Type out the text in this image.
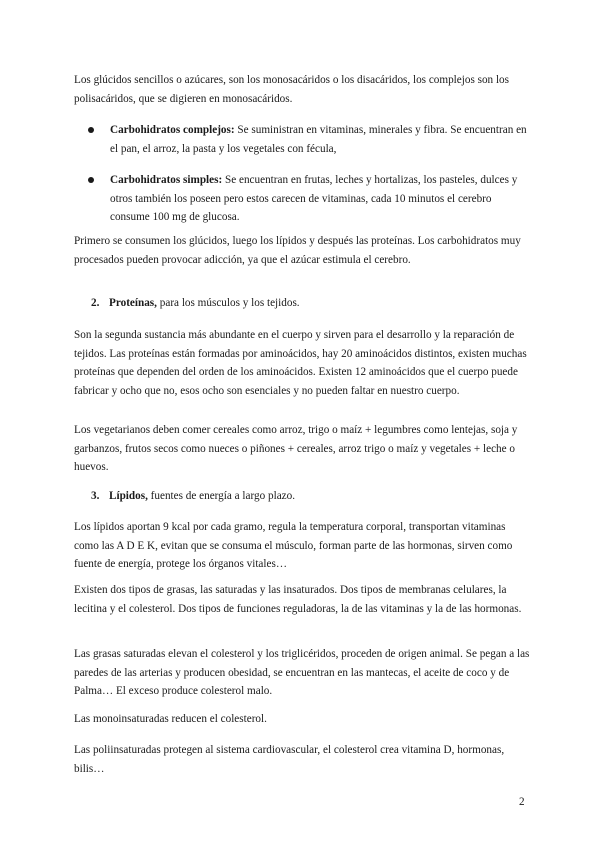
Los glúcidos sencillos o azúcares, son los monosacáridos o los disacáridos, los complejos son los polisacáridos, que se digieren en monosacáridos.

Carbohidratos complejos: Se suministran en vitaminas, minerales y fibra. Se encuentran en el pan, el arroz, la pasta y los vegetales con fécula,
Carbohidratos simples: Se encuentran en frutas, leches y hortalizas, los pasteles, dulces y otros también los poseen pero estos carecen de vitaminas, cada 10 minutos el cerebro consume 100 mg de glucosa.

Primero se consumen los glúcidos, luego los lípidos y después las proteínas. Los carbohidratos muy procesados pueden provocar adicción, ya que el azúcar estimula el cerebro.

2. Proteínas, para los músculos y los tejidos.

Son la segunda sustancia más abundante en el cuerpo y sirven para el desarrollo y la reparación de tejidos. Las proteínas están formadas por aminoácidos, hay 20 aminoácidos distintos, existen muchas proteínas que dependen del orden de los aminoácidos. Existen 12 aminoácidos que el cuerpo puede fabricar y ocho que no, esos ocho son esenciales y no pueden faltar en nuestro cuerpo.

Los vegetarianos deben comer cereales como arroz, trigo o maíz + legumbres como lentejas, soja y garbanzos, frutos secos como nueces o piñones + cereales, arroz trigo o maíz y vegetales + leche o huevos.

3. Lípidos, fuentes de energía a largo plazo.

Los lípidos aportan 9 kcal por cada gramo, regula la temperatura corporal, transportan vitaminas como las A D E K, evitan que se consuma el músculo, forman parte de las hormonas, sirven como fuente de energía, protege los órganos vitales…

Existen dos tipos de grasas, las saturadas y las insaturados. Dos tipos de membranas celulares, la lecitina y el colesterol. Dos tipos de funciones reguladoras, la de las vitaminas y la de las hormonas.

Las grasas saturadas elevan el colesterol y los triglicéridos, proceden de origen animal. Se pegan a las paredes de las arterias y producen obesidad, se encuentran en las mantecas, el aceite de coco y de Palma… El exceso produce colesterol malo.

Las monoinsaturadas reducen el colesterol.

Las poliinsaturadas protegen al sistema cardiovascular, el colesterol crea vitamina D, hormonas, bilis…

2
